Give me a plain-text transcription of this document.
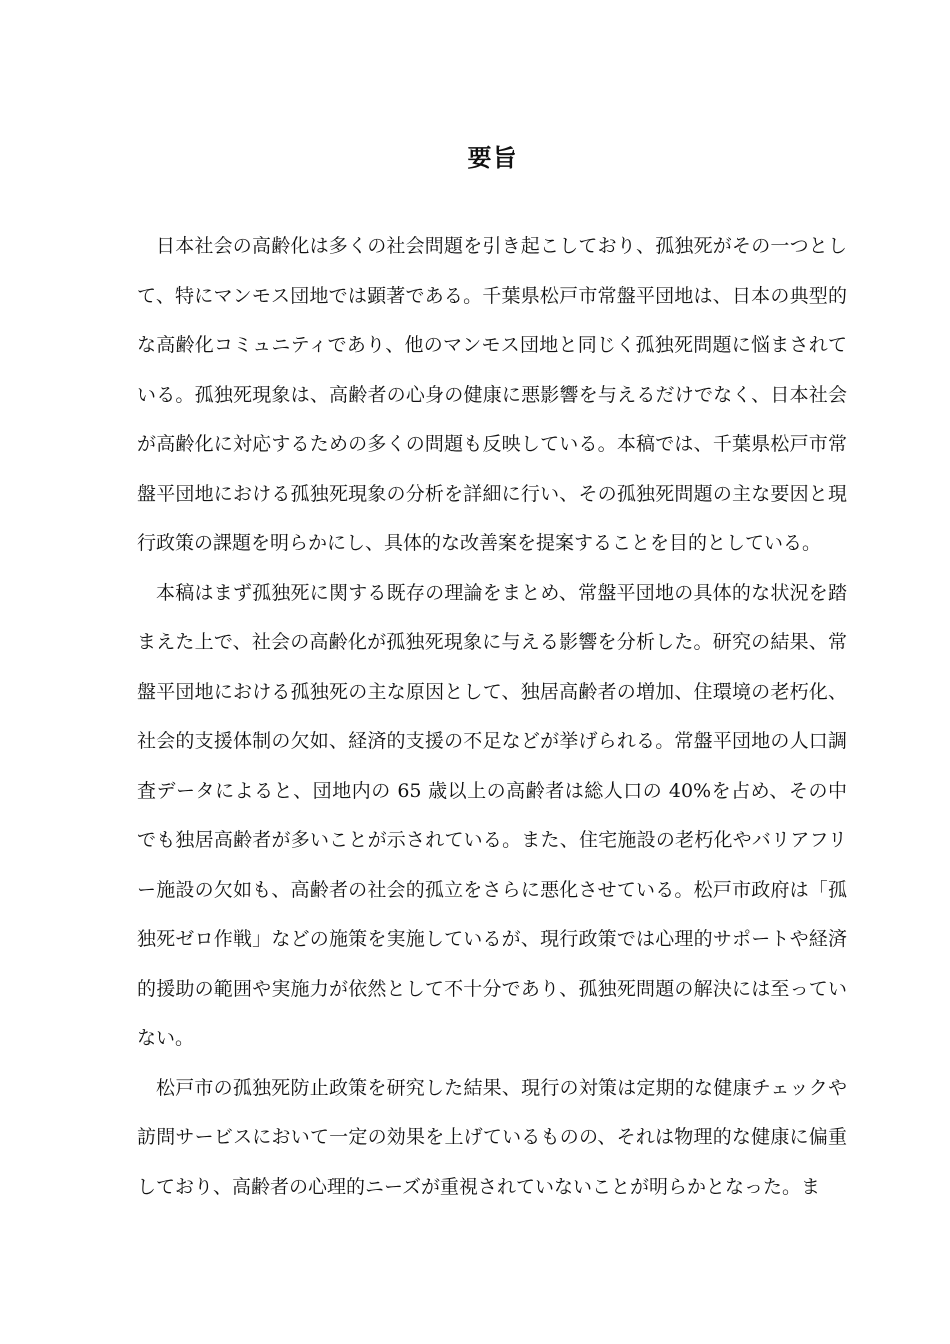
要旨

日本社会の高齢化は多くの社会問題を引き起こしており、孤独死がその一つとして、特にマンモス団地では顕著である。千葉県松戸市常盤平団地は、日本の典型的な高齢化コミュニティであり、他のマンモス団地と同じく孤独死問題に悩まされている。孤独死現象は、高齢者の心身の健康に悪影響を与えるだけでなく、日本社会が高齢化に対応するための多くの問題も反映している。本稿では、千葉県松戸市常盤平団地における孤独死現象の分析を詳細に行い、その孤独死問題の主な要因と現行政策の課題を明らかにし、具体的な改善案を提案することを目的としている。

本稿はまず孤独死に関する既存の理論をまとめ、常盤平団地の具体的な状況を踏まえた上で、社会の高齢化が孤独死現象に与える影響を分析した。研究の結果、常盤平団地における孤独死の主な原因として、独居高齢者の増加、住環境の老朽化、社会的支援体制の欠如、経済的支援の不足などが挙げられる。常盤平団地の人口調査データによると、団地内の 65 歳以上の高齢者は総人口の 40%を占め、その中でも独居高齢者が多いことが示されている。また、住宅施設の老朽化やバリアフリー施設の欠如も、高齢者の社会的孤立をさらに悪化させている。松戸市政府は「孤独死ゼロ作戦」などの施策を実施しているが、現行政策では心理的サポートや経済的援助の範囲や実施力が依然として不十分であり、孤独死問題の解決には至っていない。

松戸市の孤独死防止政策を研究した結果、現行の対策は定期的な健康チェックや訪問サービスにおいて一定の効果を上げているものの、それは物理的な健康に偏重しており、高齢者の心理的ニーズが重視されていないことが明らかとなった。ま
